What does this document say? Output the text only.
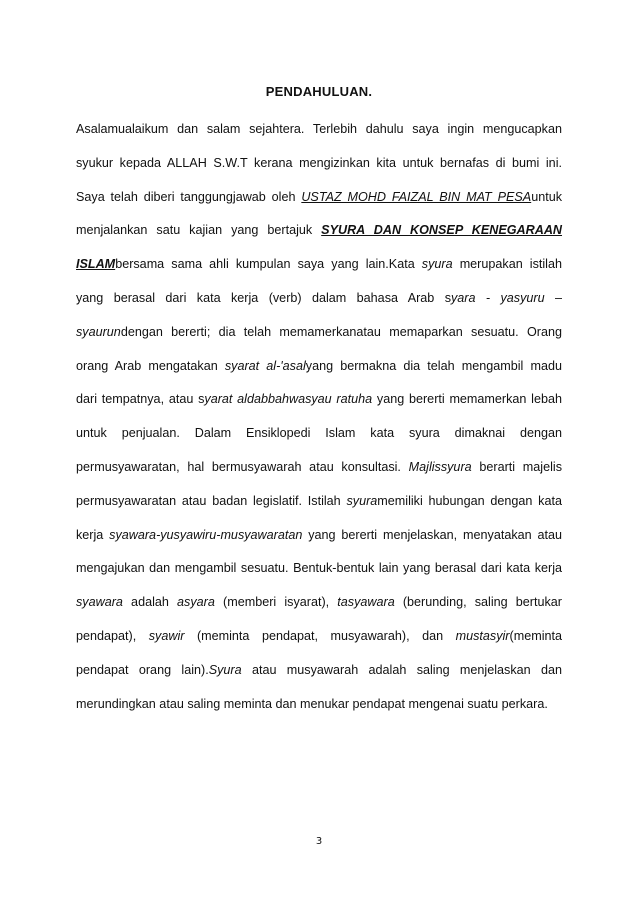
PENDAHULUAN.
Asalamualaikum dan salam sejahtera. Terlebih dahulu saya ingin mengucapkan
syukur kepada ALLAH S.W.T kerana mengizinkan kita untuk bernafas di bumi ini.
Saya telah diberi tanggungjawab oleh USTAZ MOHD FAIZAL BIN MAT PESAuntuk
menjalankan satu kajian yang bertajuk SYURA DAN KONSEP KENEGARAAN
ISLAMbersama sama ahli kumpulan saya yang lain.Kata syura merupakan istilah
yang berasal dari kata kerja (verb) dalam bahasa Arab syara - yasyuru –
syaurundengan bererti; dia telah memamerkanatau memaparkan sesuatu. Orang
orang Arab mengatakan syarat al-'asalyang bermakna dia telah mengambil madu
dari tempatnya, atau syarat aldabbahwasyau ratuha yang bererti memamerkan lebah
untuk penjualan. Dalam Ensiklopedi Islam kata syura dimaknai dengan
permusyawaratan, hal bermusyawarah atau konsultasi. Majlissyura berarti majelis
permusyawaratan atau badan legislatif. Istilah syuramemiliki hubungan dengan kata
kerja syawara-yusyawiru-musyawaratan yang bererti menjelaskan, menyatakan atau
mengajukan dan mengambil sesuatu. Bentuk-bentuk lain yang berasal dari kata kerja
syawara adalah asyara (memberi isyarat), tasyawara (berunding, saling bertukar
pendapat), syawir (meminta pendapat, musyawarah), dan mustasyir(meminta
pendapat orang lain).Syura atau musyawarah adalah saling menjelaskan dan
merundingkan atau saling meminta dan menukar pendapat mengenai suatu perkara.
3
